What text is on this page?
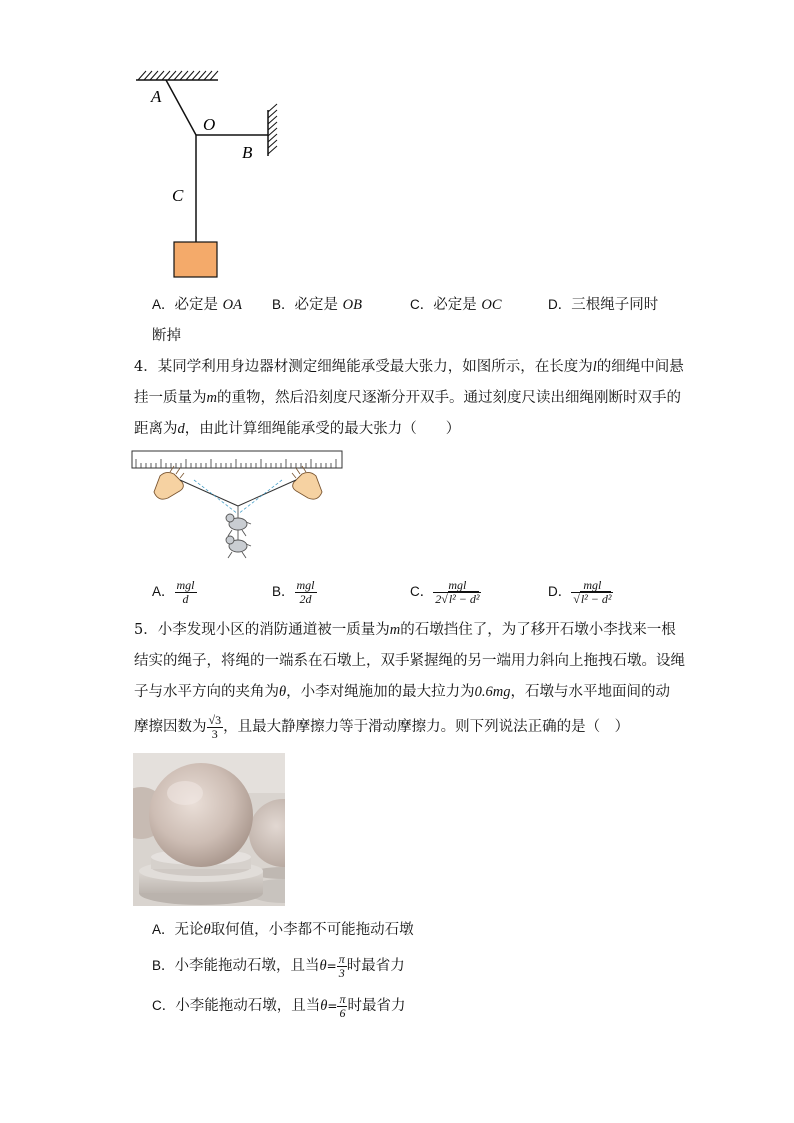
A
O
B
C
A．必定是 OA B．必定是 OB	C．必定是 OC	D．三根绳子同时
断掉
4．某同学利用身边器材测定细绳能承受最大张力，如图所示，在长度为l的细绳中间悬
挂一质量为m的重物，然后沿刻度尺逐渐分开双手。通过刻度尺读出细绳刚断时双手的
距离为d，由此计算细绳能承受的最大张力（　　）
A． $\frac{\text{mgl}}{d}$	B． $\frac{\text{mgl}}{2d}$	C． $\frac{\text{mgl}}{\text{2√l² − d²}}$	D． $\frac{\text{mgl}}{\text{√l² − d²}}$
5．小李发现小区的消防通道被一质量为m的石墩挡住了，为了移开石墩小李找来一根
结实的绳子，将绳的一端系在石墩上，双手紧握绳的另一端用力斜向上拖拽石墩。设绳
子与水平方向的夹角为θ，小李对绳施加的最大拉力为0.6mg，石墩与水平地面间的动
摩擦因数为 $\frac{√3}{3}$ ，且最大静摩擦力等于滑动摩擦力。则下列说法正确的是（　）
A．无论θ取何值，小李都不可能拖动石墩
B． 小李能拖动石墩，且当 $\theta = \frac{\pi}{3}$ 时最省力
C． 小李能拖动石墩，且当 $\theta = \frac{\pi}{6}$ 时最省力
